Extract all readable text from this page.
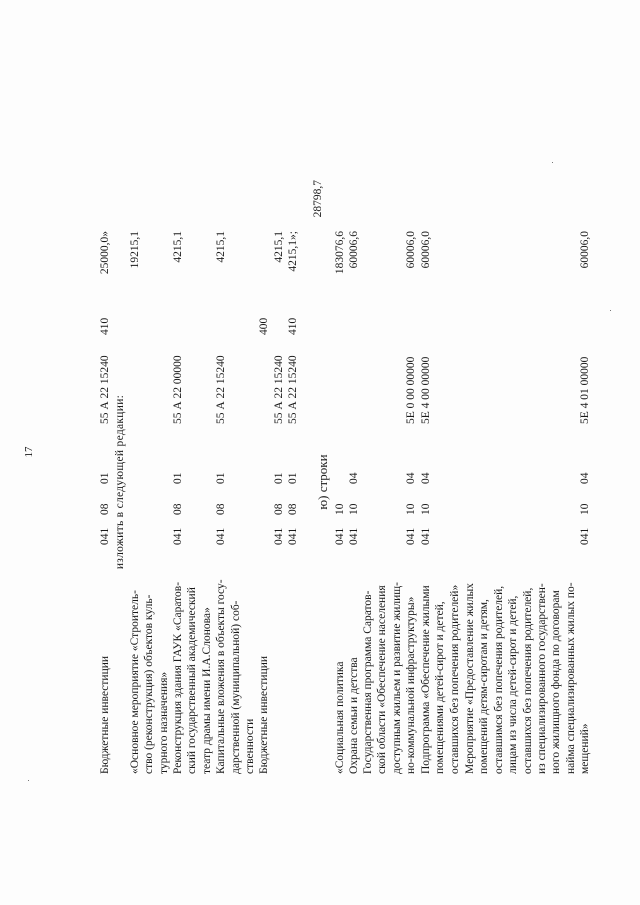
17
Бюджетные инвестиции
041
08
01
55 А 22 15240
410
25000,0»
изложить в следующей редакции:
«Основное мероприятие «Строитель- ство (реконструкция) объектов куль- турного назначения»
19215,1
Реконструкция здания ГАУК «Саратов- ский государственный академический
041
08
01
55 А 22 00000
4215,1
театр драмы имени И.А.Слонова» Капитальные вложения в объекты госу- дарственной (муниципальной) соб-
041
08
01
55 А 22 15240
4215,1
ственности Бюджетные инвестиции
041
08
01
55 А 22 15240
400
4215,1
041
08
01
55 А 22 15240
410
4215,1»;
ю) строки
«Социальная политика
041
10
183076,6
28798,7
Охрана семьи и детства
041
10
04
60006,6
Государственная программа Саратов- ской области «Обеспечение населения доступным жильем и развитие жилищ- но-коммунальной инфраструктуры»
041
10
04
5Е 0 00 00000
60006,0
Подпрограмма «Обеспечение жилыми помещениями детей-сирот и детей, оставшихся без попечения родителей»
041
10
04
5Е 4 00 00000
60006,0
Мероприятие «Предоставление жилых помещений детям-сиротам и детям, оставшимся без попечения родителей, лицам из числа детей-сирот и детей, оставшихся без попечения родителей, из специализированного государствен- ного жилищного фонда по договорам найма специализированных жилых по- мещений»
041
10
04
5Е 4 01 00000
60006,0
